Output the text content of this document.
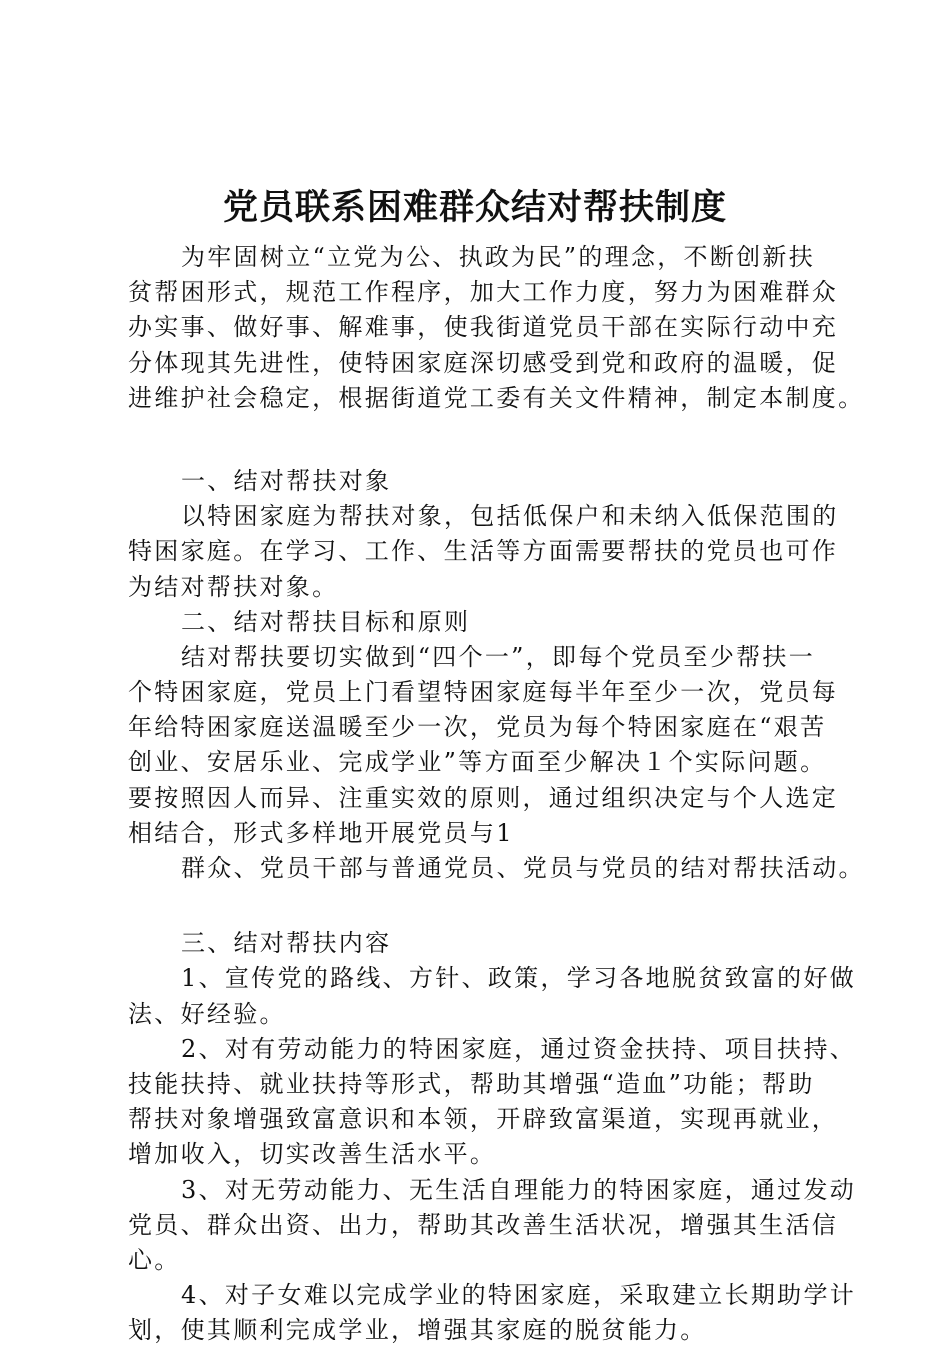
党员联系困难群众结对帮扶制度
为牢固树立“立党为公、执政为民”的理念，不断创新扶
贫帮困形式，规范工作程序，加大工作力度，努力为困难群众
办实事、做好事、解难事，使我街道党员干部在实际行动中充
分体现其先进性，使特困家庭深切感受到党和政府的温暖，促
进维护社会稳定，根据街道党工委有关文件精神，制定本制度。
一、结对帮扶对象
以特困家庭为帮扶对象，包括低保户和未纳入低保范围的
特困家庭。在学习、工作、生活等方面需要帮扶的党员也可作
为结对帮扶对象。
二、结对帮扶目标和原则
结对帮扶要切实做到“四个一”，即每个党员至少帮扶一
个特困家庭，党员上门看望特困家庭每半年至少一次，党员每
年给特困家庭送温暖至少一次，党员为每个特困家庭在“艰苦
创业、安居乐业、完成学业”等方面至少解决１个实际问题。
要按照因人而异、注重实效的原则，通过组织决定与个人选定
相结合，形式多样地开展党员与1
群众、党员干部与普通党员、党员与党员的结对帮扶活动。
三、结对帮扶内容
1、宣传党的路线、方针、政策，学习各地脱贫致富的好做
法、好经验。
2、对有劳动能力的特困家庭，通过资金扶持、项目扶持、
技能扶持、就业扶持等形式，帮助其增强“造血”功能；帮助
帮扶对象增强致富意识和本领，开辟致富渠道，实现再就业，
增加收入，切实改善生活水平。
3、对无劳动能力、无生活自理能力的特困家庭，通过发动
党员、群众出资、出力，帮助其改善生活状况，增强其生活信
心。
4、对子女难以完成学业的特困家庭，采取建立长期助学计
划，使其顺利完成学业，增强其家庭的脱贫能力。
